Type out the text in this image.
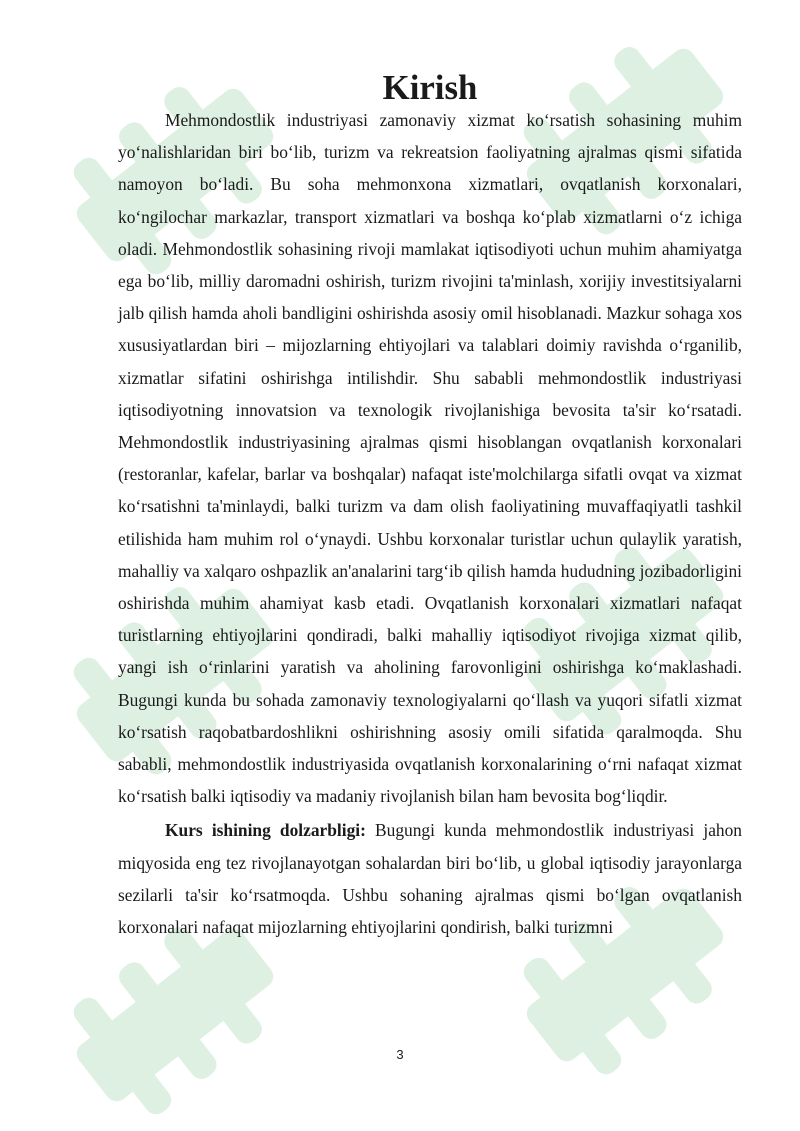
Kirish

Mehmondostlik industriyasi zamonaviy xizmat ko‘rsatish sohasining muhim yo‘nalishlaridan biri bo‘lib, turizm va rekreatsion faoliyatning ajralmas qismi sifatida namoyon bo‘ladi. Bu soha mehmonxona xizmatlari, ovqatlanish korxonalari, ko‘ngilochar markazlar, transport xizmatlari va boshqa ko‘plab xizmatlarni o‘z ichiga oladi. Mehmondostlik sohasining rivoji mamlakat iqtisodiyoti uchun muhim ahamiyatga ega bo‘lib, milliy daromadni oshirish, turizm rivojini ta'minlash, xorijiy investitsiyalarni jalb qilish hamda aholi bandligini oshirishda asosiy omil hisoblanadi. Mazkur sohaga xos xususiyatlardan biri – mijozlarning ehtiyojlari va talablari doimiy ravishda o‘rganilib, xizmatlar sifatini oshirishga intilishdir. Shu sababli mehmondostlik industriyasi iqtisodiyotning innovatsion va texnologik rivojlanishiga bevosita ta'sir ko‘rsatadi. Mehmondostlik industriyasining ajralmas qismi hisoblangan ovqatlanish korxonalari (restoranlar, kafelar, barlar va boshqalar) nafaqat iste'molchilarga sifatli ovqat va xizmat ko‘rsatishni ta'minlaydi, balki turizm va dam olish faoliyatining muvaffaqiyatli tashkil etilishida ham muhim rol o‘ynaydi. Ushbu korxonalar turistlar uchun qulaylik yaratish, mahalliy va xalqaro oshpazlik an'analarini targ‘ib qilish hamda hududning jozibadorligini oshirishda muhim ahamiyat kasb etadi. Ovqatlanish korxonalari xizmatlari nafaqat turistlarning ehtiyojlarini qondiradi, balki mahalliy iqtisodiyot rivojiga xizmat qilib, yangi ish o‘rinlarini yaratish va aholining farovonligini oshirishga ko‘maklashadi. Bugungi kunda bu sohada zamonaviy texnologiyalarni qo‘llash va yuqori sifatli xizmat ko‘rsatish raqobatbardoshlikni oshirishning asosiy omili sifatida qaralmoqda. Shu sababli, mehmondostlik industriyasida ovqatlanish korxonalarining o‘rni nafaqat xizmat ko‘rsatish balki iqtisodiy va madaniy rivojlanish bilan ham bevosita bog‘liqdir.

Kurs ishining dolzarbligi: Bugungi kunda mehmondostlik industriyasi jahon miqyosida eng tez rivojlanayotgan sohalardan biri bo‘lib, u global iqtisodiy jarayonlarga sezilarli ta'sir ko‘rsatmoqda. Ushbu sohaning ajralmas qismi bo‘lgan ovqatlanish korxonalari nafaqat mijozlarning ehtiyojlarini qondirish, balki turizmni

3
